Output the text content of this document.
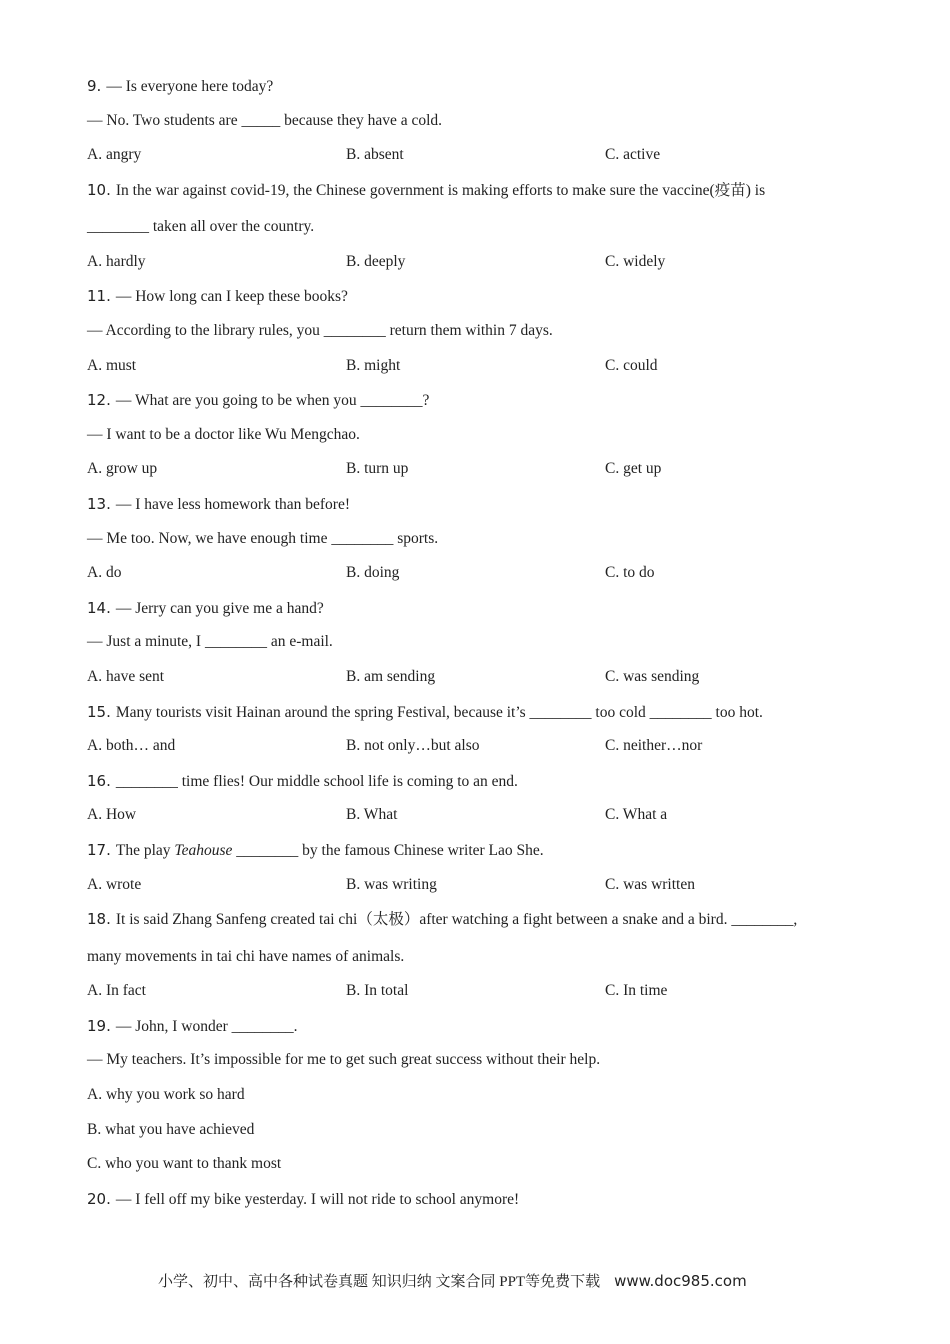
9. — Is everyone here today?
— No. Two students are _____ because they have a cold.
A. angry	B. absent	C. active
10. In the war against covid-19, the Chinese government is making efforts to make sure the vaccine(疫苗) is
________ taken all over the country.
A. hardly	B. deeply	C. widely
11. — How long can I keep these books?
— According to the library rules, you ________ return them within 7 days.
A. must	B. might	C. could
12. — What are you going to be when you ________?
— I want to be a doctor like Wu Mengchao.
A. grow up	B. turn up	C. get up
13. — I have less homework than before!
— Me too. Now, we have enough time ________ sports.
A. do	B. doing	C. to do
14. — Jerry can you give me a hand?
— Just a minute, I ________ an e-mail.
A. have sent	B. am sending	C. was sending
15. Many tourists visit Hainan around the spring Festival, because it’s ________ too cold ________ too hot.
A. both… and	B. not only…but also	C. neither…nor
16. ________ time flies! Our middle school life is coming to an end.
A. How	B. What	C. What a
17. The play Teahouse ________ by the famous Chinese writer Lao She.
A. wrote	B. was writing	C. was written
18. It is said Zhang Sanfeng created tai chi（太极）after watching a fight between a snake and a bird. ________,
many movements in tai chi have names of animals.
A. In fact	B. In total	C. In time
19. — John, I wonder ________.
— My teachers. It’s impossible for me to get such great success without their help.
A. why you work so hard
B. what you have achieved
C. who you want to thank most
20. — I fell off my bike yesterday. I will not ride to school anymore!
小学、初中、高中各种试卷真题 知识归纳 文案合同 PPT等免费下载 www.doc985.com
